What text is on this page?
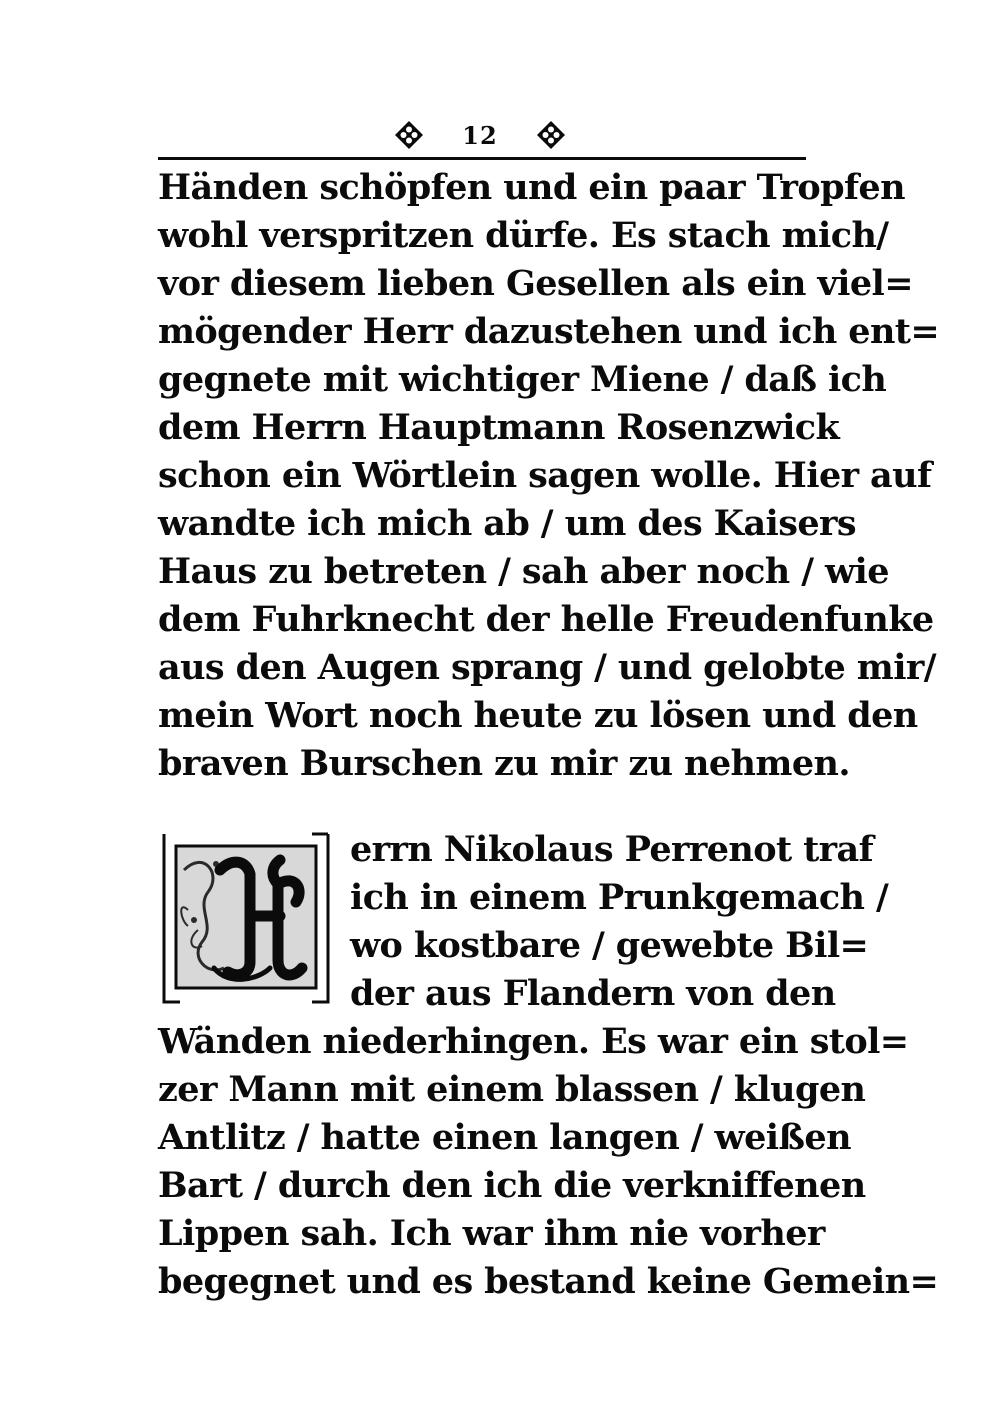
12
Händen schöpfen und ein paar Tropfen
wohl verspritzen dürfe. Es stach mich/
vor diesem lieben Gesellen als ein viel=
mögender Herr dazustehen und ich ent=
gegnete mit wichtiger Miene / daß ich
dem Herrn Hauptmann Rosenzwick
schon ein Wörtlein sagen wolle. Hier auf
wandte ich mich ab / um des Kaisers
Haus zu betreten / sah aber noch / wie
dem Fuhrknecht der helle Freudenfunke
aus den Augen sprang / und gelobte mir/
mein Wort noch heute zu lösen und den
braven Burschen zu mir zu nehmen.
errn Nikolaus Perrenot traf
ich in einem Prunkgemach /
wo kostbare / gewebte Bil=
der aus Flandern von den
Wänden niederhingen. Es war ein stol=
zer Mann mit einem blassen / klugen
Antlitz / hatte einen langen / weißen
Bart / durch den ich die verkniffenen
Lippen sah. Ich war ihm nie vorher
begegnet und es bestand keine Gemein=
